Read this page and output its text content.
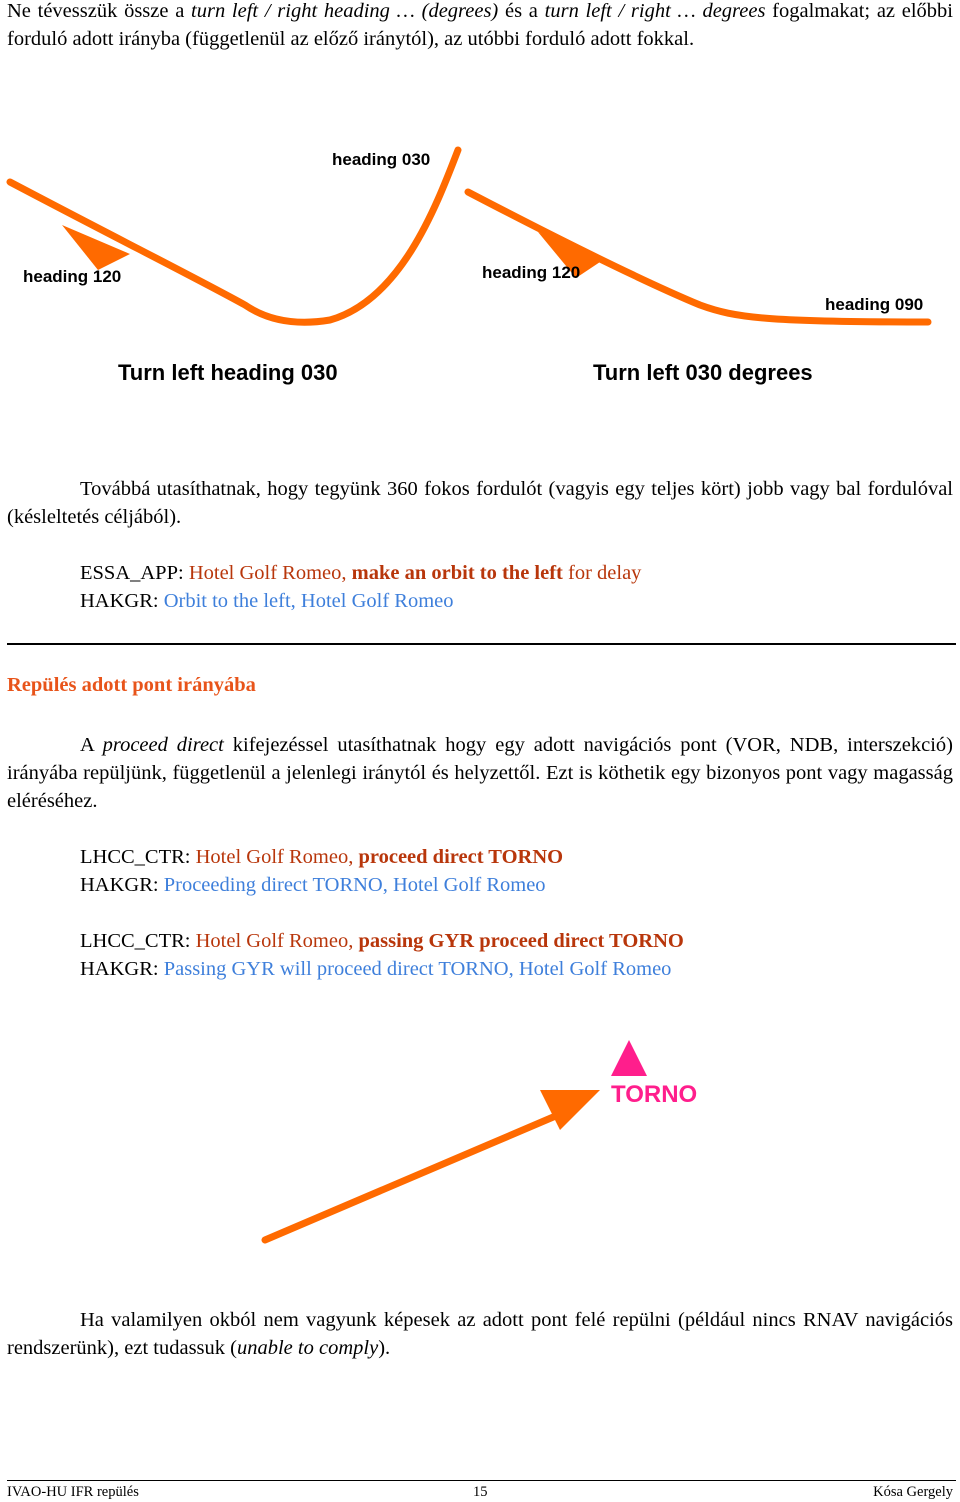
Ne tévesszük össze a turn left / right heading … (degrees) és a turn left / right … degrees fogalmakat; az előbbi forduló adott irányba (függetlenül az előző iránytól), az utóbbi forduló adott fokkal.

heading 030
heading 120	heading 120
heading 090
Turn left heading 030	Turn left 030 degrees

Továbbá utasíthatnak, hogy tegyünk 360 fokos fordulót (vagyis egy teljes kört) jobb vagy bal fordulóval (késleltetés céljából).

ESSA_APP: Hotel Golf Romeo, make an orbit to the left for delay

HAKGR: Orbit to the left, Hotel Golf Romeo

Repülés adott pont irányába

A proceed direct kifejezéssel utasíthatnak hogy egy adott navigációs pont (VOR, NDB, interszekció) irányába repüljünk, függetlenül a jelenlegi iránytól és helyzettől. Ezt is köthetik egy bizonyos pont vagy magasság eléréséhez.

LHCC_CTR: Hotel Golf Romeo, proceed direct TORNO

HAKGR: Proceeding direct TORNO, Hotel Golf Romeo

LHCC_CTR: Hotel Golf Romeo, passing GYR proceed direct TORNO

HAKGR: Passing GYR will proceed direct TORNO, Hotel Golf Romeo

TORNO

Ha valamilyen okból nem vagyunk képesek az adott pont felé repülni (például nincs RNAV navigációs rendszerünk), ezt tudassuk (unable to comply).

IVAO-HU IFR repülés	15	Kósa Gergely
